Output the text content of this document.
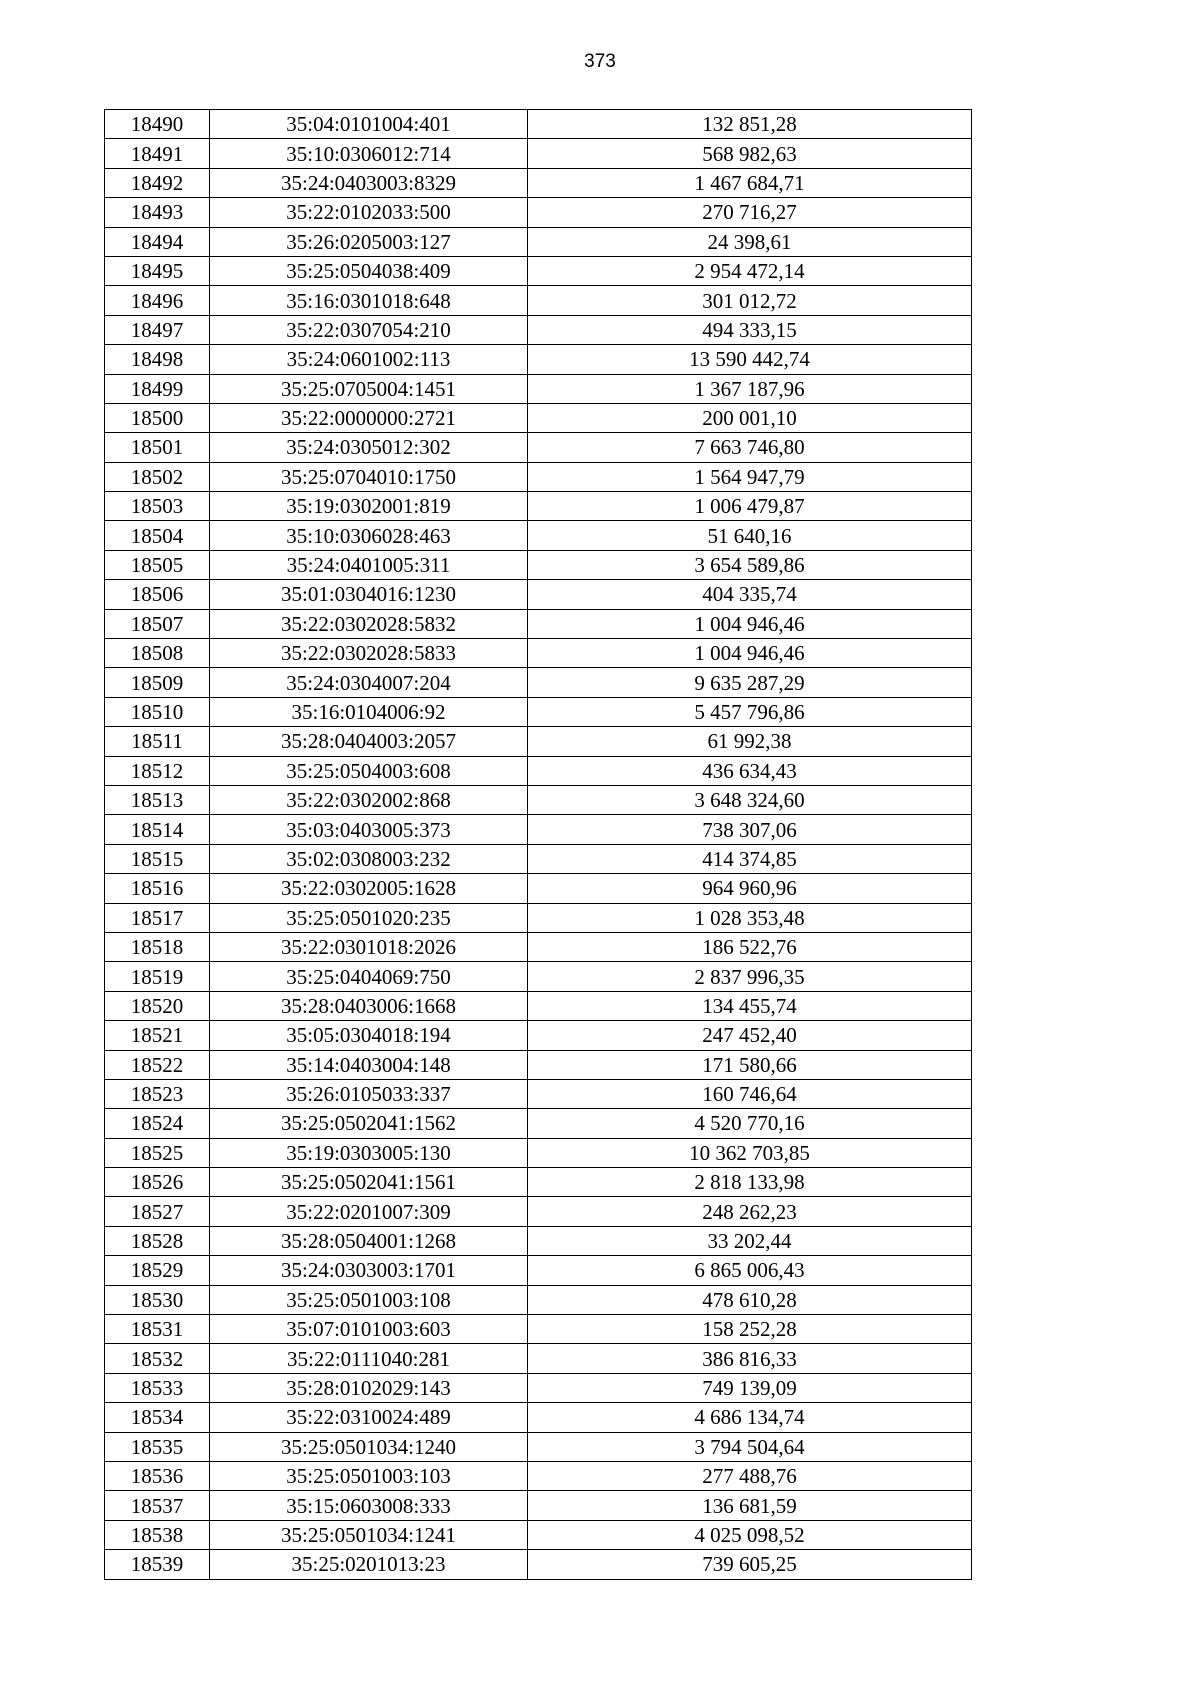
373
18490	35:04:0101004:401	132 851,28
18491	35:10:0306012:714	568 982,63
18492	35:24:0403003:8329	1 467 684,71
18493	35:22:0102033:500	270 716,27
18494	35:26:0205003:127	24 398,61
18495	35:25:0504038:409	2 954 472,14
18496	35:16:0301018:648	301 012,72
18497	35:22:0307054:210	494 333,15
18498	35:24:0601002:113	13 590 442,74
18499	35:25:0705004:1451	1 367 187,96
18500	35:22:0000000:2721	200 001,10
18501	35:24:0305012:302	7 663 746,80
18502	35:25:0704010:1750	1 564 947,79
18503	35:19:0302001:819	1 006 479,87
18504	35:10:0306028:463	51 640,16
18505	35:24:0401005:311	3 654 589,86
18506	35:01:0304016:1230	404 335,74
18507	35:22:0302028:5832	1 004 946,46
18508	35:22:0302028:5833	1 004 946,46
18509	35:24:0304007:204	9 635 287,29
18510	35:16:0104006:92	5 457 796,86
18511	35:28:0404003:2057	61 992,38
18512	35:25:0504003:608	436 634,43
18513	35:22:0302002:868	3 648 324,60
18514	35:03:0403005:373	738 307,06
18515	35:02:0308003:232	414 374,85
18516	35:22:0302005:1628	964 960,96
18517	35:25:0501020:235	1 028 353,48
18518	35:22:0301018:2026	186 522,76
18519	35:25:0404069:750	2 837 996,35
18520	35:28:0403006:1668	134 455,74
18521	35:05:0304018:194	247 452,40
18522	35:14:0403004:148	171 580,66
18523	35:26:0105033:337	160 746,64
18524	35:25:0502041:1562	4 520 770,16
18525	35:19:0303005:130	10 362 703,85
18526	35:25:0502041:1561	2 818 133,98
18527	35:22:0201007:309	248 262,23
18528	35:28:0504001:1268	33 202,44
18529	35:24:0303003:1701	6 865 006,43
18530	35:25:0501003:108	478 610,28
18531	35:07:0101003:603	158 252,28
18532	35:22:0111040:281	386 816,33
18533	35:28:0102029:143	749 139,09
18534	35:22:0310024:489	4 686 134,74
18535	35:25:0501034:1240	3 794 504,64
18536	35:25:0501003:103	277 488,76
18537	35:15:0603008:333	136 681,59
18538	35:25:0501034:1241	4 025 098,52
18539	35:25:0201013:23	739 605,25
